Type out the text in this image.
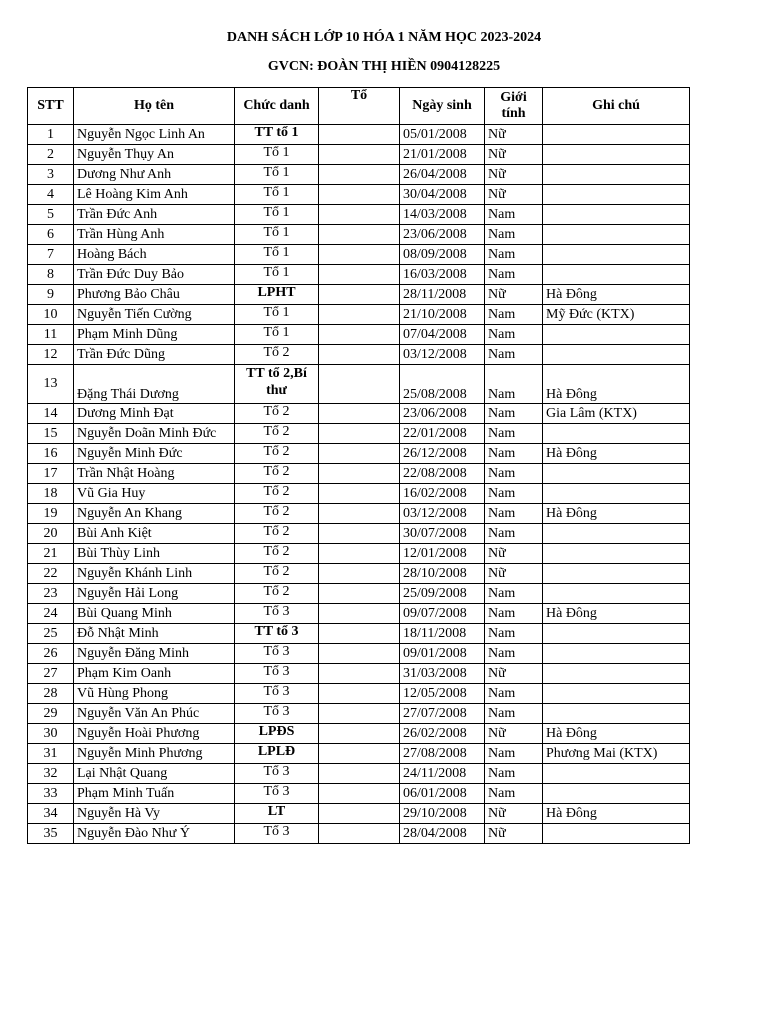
DANH SÁCH LỚP 10 HÓA 1 NĂM HỌC 2023-2024
GVCN: ĐOÀN THỊ HIỀN 0904128225
STT	Họ tên	Chức danh	Tổ	Ngày sinh	Giới tính	Ghi chú
1	Nguyễn Ngọc Linh An	TT tổ 1		05/01/2008	Nữ	
2	Nguyễn Thụy An	Tổ 1		21/01/2008	Nữ	
3	Dương Như Anh	Tổ 1		26/04/2008	Nữ	
4	Lê Hoàng Kim Anh	Tổ 1		30/04/2008	Nữ	
5	Trần Đức Anh	Tổ 1		14/03/2008	Nam	
6	Trần Hùng Anh	Tổ 1		23/06/2008	Nam	
7	Hoàng Bách	Tổ 1		08/09/2008	Nam	
8	Trần Đức Duy Bảo	Tổ 1		16/03/2008	Nam	
9	Phương Bảo Châu	LPHT		28/11/2008	Nữ	Hà Đông
10	Nguyễn Tiến Cường	Tổ 1		21/10/2008	Nam	Mỹ Đức (KTX)
11	Phạm Minh Dũng	Tổ 1		07/04/2008	Nam	
12	Trần Đức Dũng	Tổ 2		03/12/2008	Nam	
13	Đặng Thái Dương	TT tổ 2,Bí thư		25/08/2008	Nam	Hà Đông
14	Dương Minh Đạt	Tổ 2		23/06/2008	Nam	Gia Lâm (KTX)
15	Nguyễn Doãn Minh Đức	Tổ 2		22/01/2008	Nam	
16	Nguyễn Minh Đức	Tổ 2		26/12/2008	Nam	Hà Đông
17	Trần Nhật Hoàng	Tổ 2		22/08/2008	Nam	
18	Vũ Gia Huy	Tổ 2		16/02/2008	Nam	
19	Nguyễn An Khang	Tổ 2		03/12/2008	Nam	Hà Đông
20	Bùi Anh Kiệt	Tổ 2		30/07/2008	Nam	
21	Bùi Thùy Linh	Tổ 2		12/01/2008	Nữ	
22	Nguyễn Khánh Linh	Tổ 2		28/10/2008	Nữ	
23	Nguyễn Hải Long	Tổ 2		25/09/2008	Nam	
24	Bùi Quang Minh	Tổ 3		09/07/2008	Nam	Hà Đông
25	Đỗ Nhật Minh	TT tổ 3		18/11/2008	Nam	
26	Nguyễn Đăng Minh	Tổ 3		09/01/2008	Nam	
27	Phạm Kim Oanh	Tổ 3		31/03/2008	Nữ	
28	Vũ Hùng Phong	Tổ 3		12/05/2008	Nam	
29	Nguyễn Văn An Phúc	Tổ 3		27/07/2008	Nam	
30	Nguyễn Hoài Phương	LPĐS		26/02/2008	Nữ	Hà Đông
31	Nguyễn Minh Phương	LPLĐ		27/08/2008	Nam	Phương Mai (KTX)
32	Lại Nhật Quang	Tổ 3		24/11/2008	Nam	
33	Phạm Minh Tuấn	Tổ 3		06/01/2008	Nam	
34	Nguyễn Hà Vy	LT		29/10/2008	Nữ	Hà Đông
35	Nguyễn Đào Như Ý	Tổ 3		28/04/2008	Nữ	
